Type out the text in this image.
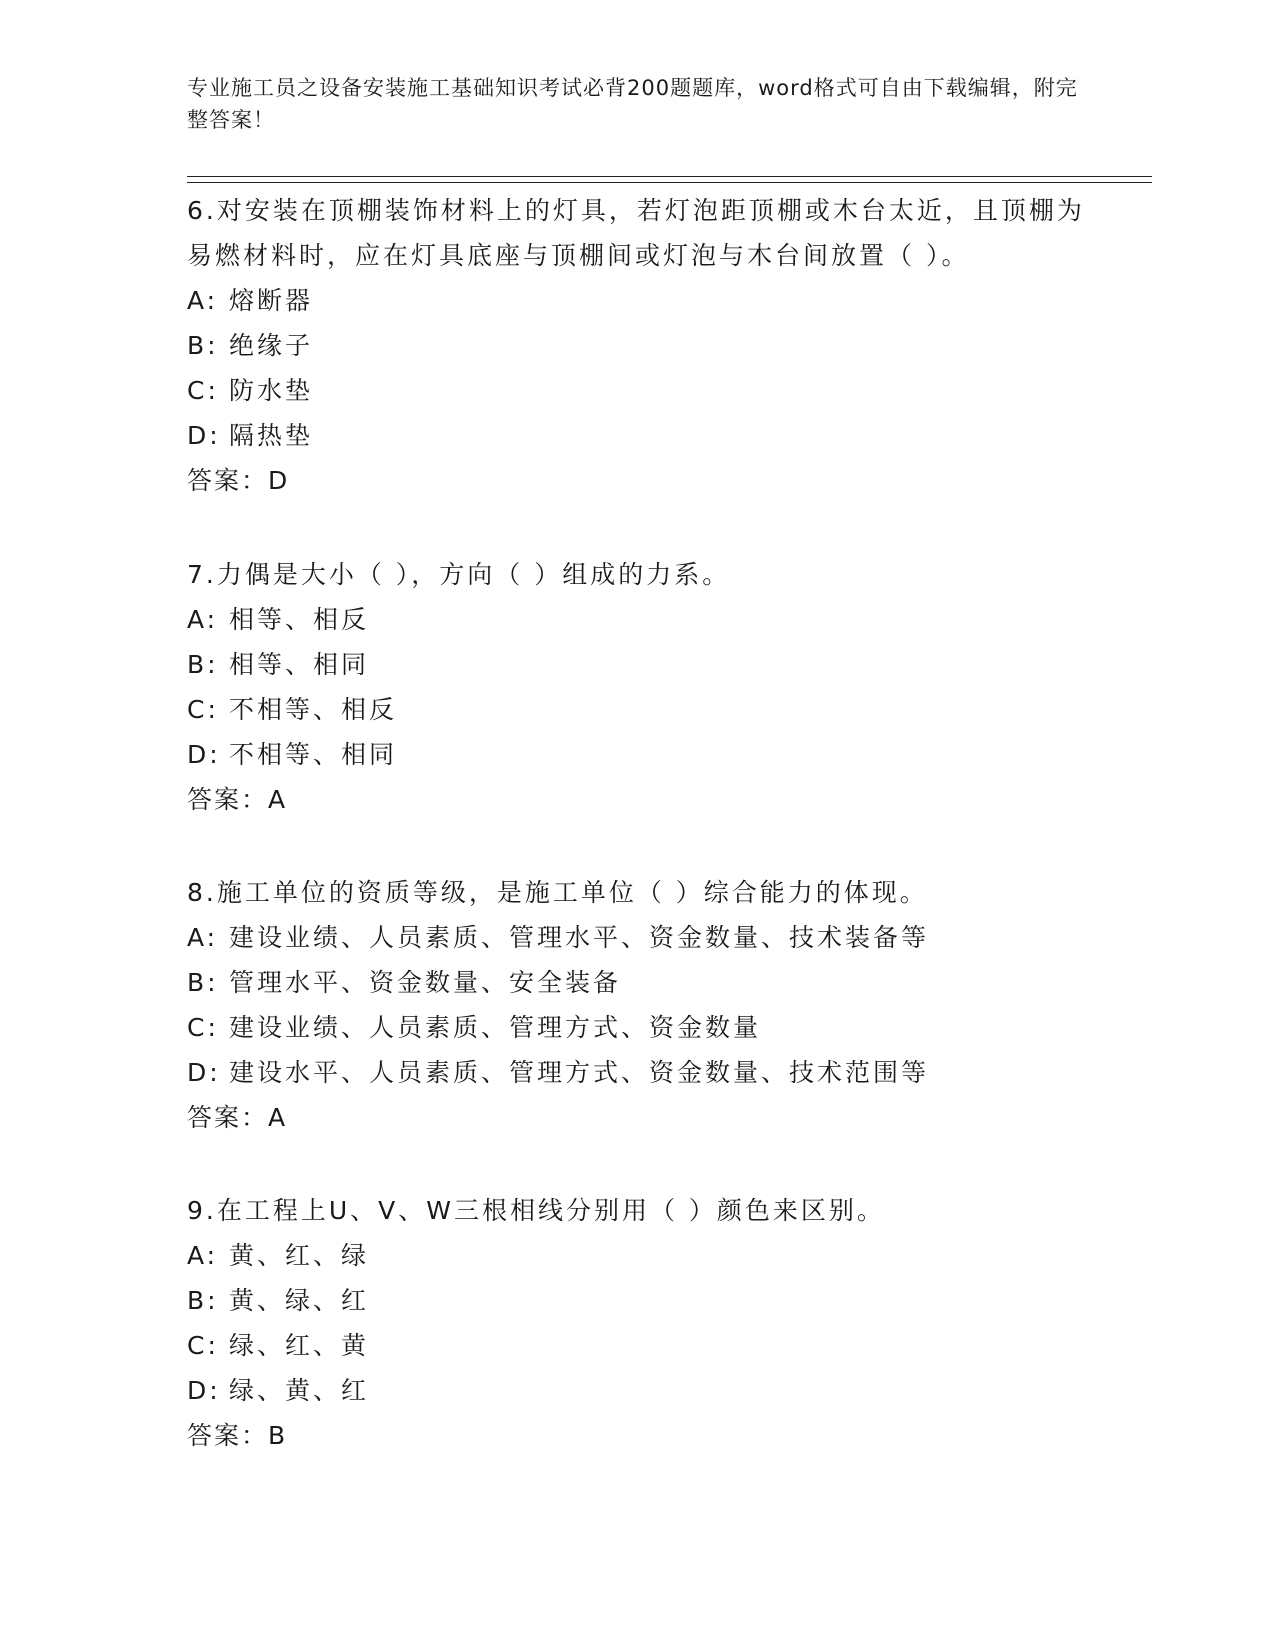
专业施工员之设备安装施工基础知识考试必背200题题库，word格式可自由下载编辑，附完整答案！

6.对安装在顶棚装饰材料上的灯具，若灯泡距顶棚或木台太近，且顶棚为易燃材料时，应在灯具底座与顶棚间或灯泡与木台间放置（ ）。

A: 熔断器

B: 绝缘子

C: 防水垫

D: 隔热垫

答案：D

7.力偶是大小（ ），方向（ ）组成的力系。

A: 相等、相反

B: 相等、相同

C: 不相等、相反

D: 不相等、相同

答案：A

8.施工单位的资质等级，是施工单位（ ）综合能力的体现。

A: 建设业绩、人员素质、管理水平、资金数量、技术装备等

B: 管理水平、资金数量、安全装备

C: 建设业绩、人员素质、管理方式、资金数量

D: 建设水平、人员素质、管理方式、资金数量、技术范围等

答案：A

9.在工程上U、V、W三根相线分别用（ ）颜色来区别。

A: 黄、红、绿

B: 黄、绿、红

C: 绿、红、黄

D: 绿、黄、红

答案：B
